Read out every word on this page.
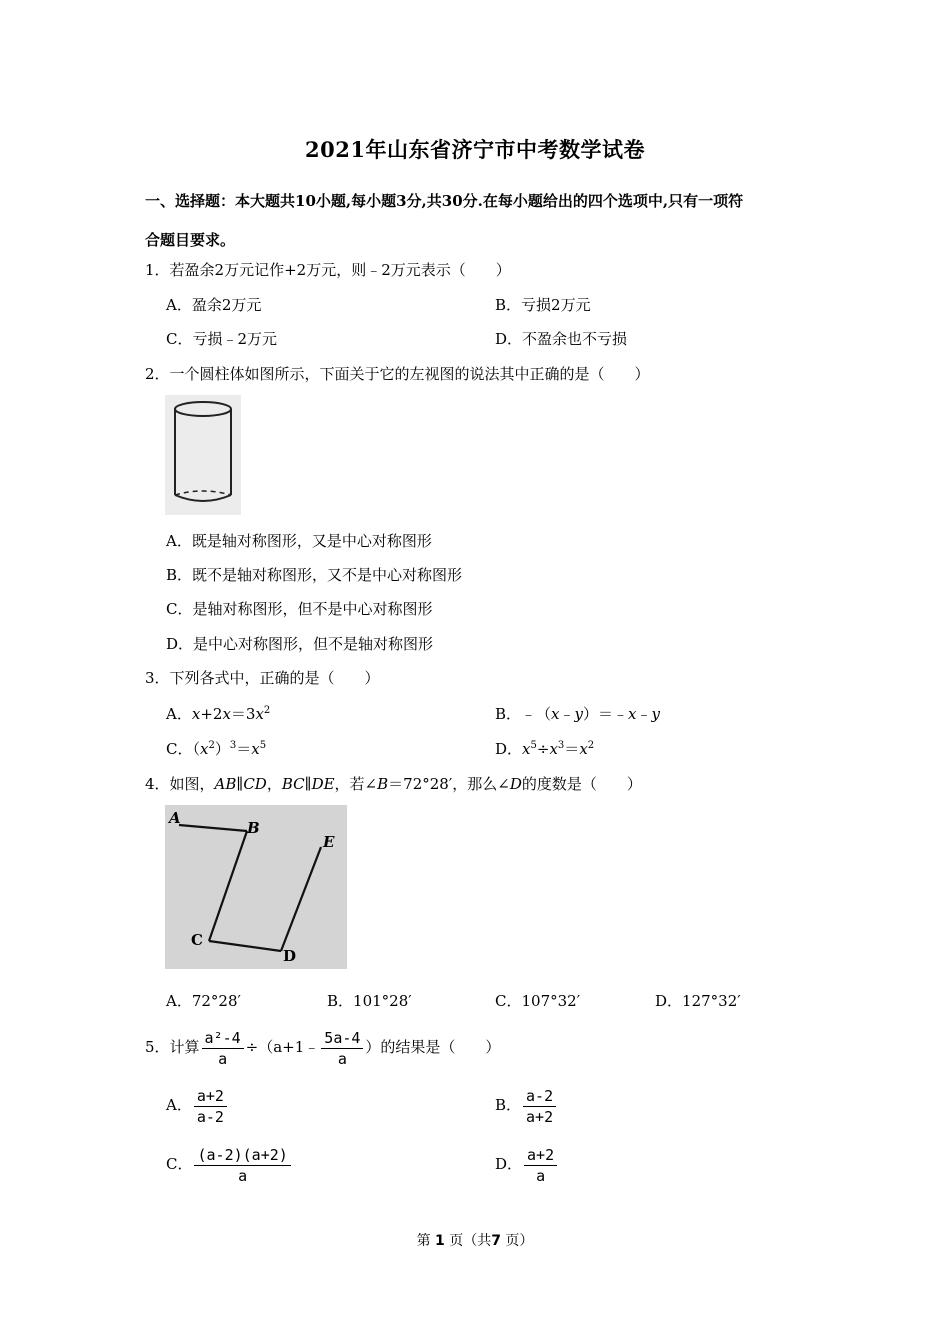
2021年山东省济宁市中考数学试卷
一、选择题：本大题共10小题,每小题3分,共30分.在每小题给出的四个选项中,只有一项符
合题目要求。
1．若盈余2万元记作+2万元，则﹣2万元表示（　　）
A．盈余2万元	B．亏损2万元
C．亏损﹣2万元	D．不盈余也不亏损
2．一个圆柱体如图所示，下面关于它的左视图的说法其中正确的是（　　）
A．既是轴对称图形，又是中心对称图形
B．既不是轴对称图形，又不是中心对称图形
C．是轴对称图形，但不是中心对称图形
D．是中心对称图形，但不是轴对称图形
3．下列各式中，正确的是（　　）
A．$x+2x=3x^2$	B．﹣（x﹣y）＝﹣x﹣y
C．$(x^2)^3=x^5$	D．$x^5\div x^3=x^2$
4．如图，AB∥CD，BC∥DE，若∠B＝72°28′，那么∠D的度数是（　　）
A
B
E
C
D
A．72°28′	B．101°28′	C．107°32′	D．127°32′
5．计算 $\frac{\text{a²-4}}{a}$ ÷（a+1﹣ $\frac{5a-4}{a}$ ）的结果是（　　）
A． $\frac{a+2}{a-2}$	B． $\frac{a-2}{a+2}$
C． $\frac{(a-2)(a+2)}{a}$	D． $\frac{a+2}{a}$
第 1 页（共7 页）
